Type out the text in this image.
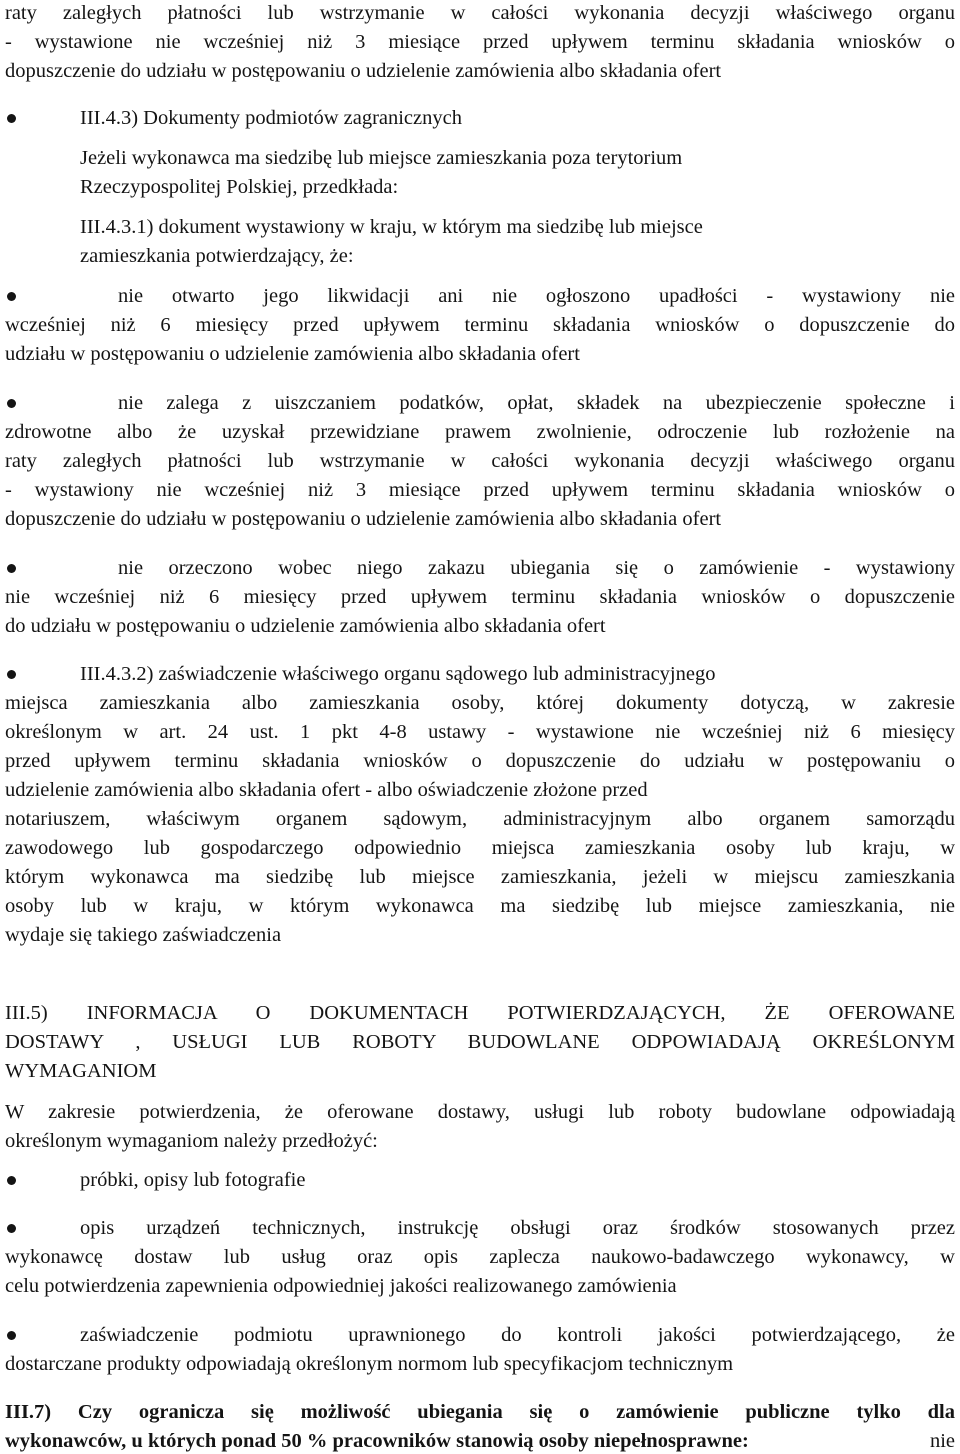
raty zaległych płatności lub wstrzymanie w całości wykonania decyzji właściwego organu
- wystawione nie wcześniej niż 3 miesiące przed upływem terminu składania wniosków o
dopuszczenie do udziału w postępowaniu o udzielenie zamówienia albo składania ofert
III.4.3) Dokumenty podmiotów zagranicznych
Jeżeli wykonawca ma siedzibę lub miejsce zamieszkania poza terytorium
Rzeczypospolitej Polskiej, przedkłada:
III.4.3.1) dokument wystawiony w kraju, w którym ma siedzibę lub miejsce
zamieszkania potwierdzający, że:
nie otwarto jego likwidacji ani nie ogłoszono upadłości - wystawiony nie
wcześniej niż 6 miesięcy przed upływem terminu składania wniosków o dopuszczenie do
udziału w postępowaniu o udzielenie zamówienia albo składania ofert
nie zalega z uiszczaniem podatków, opłat, składek na ubezpieczenie społeczne i
zdrowotne albo że uzyskał przewidziane prawem zwolnienie, odroczenie lub rozłożenie na
raty zaległych płatności lub wstrzymanie w całości wykonania decyzji właściwego organu
- wystawiony nie wcześniej niż 3 miesiące przed upływem terminu składania wniosków o
dopuszczenie do udziału w postępowaniu o udzielenie zamówienia albo składania ofert
nie orzeczono wobec niego zakazu ubiegania się o zamówienie - wystawiony
nie wcześniej niż 6 miesięcy przed upływem terminu składania wniosków o dopuszczenie
do udziału w postępowaniu o udzielenie zamówienia albo składania ofert
III.4.3.2) zaświadczenie właściwego organu sądowego lub administracyjnego
miejsca zamieszkania albo zamieszkania osoby, której dokumenty dotyczą, w zakresie
określonym w art. 24 ust. 1 pkt 4-8 ustawy - wystawione nie wcześniej niż 6 miesięcy
przed upływem terminu składania wniosków o dopuszczenie do udziału w postępowaniu o
udzielenie zamówienia albo składania ofert - albo oświadczenie złożone przed
notariuszem, właściwym organem sądowym, administracyjnym albo organem samorządu
zawodowego lub gospodarczego odpowiednio miejsca zamieszkania osoby lub kraju, w
którym wykonawca ma siedzibę lub miejsce zamieszkania, jeżeli w miejscu zamieszkania
osoby lub w kraju, w którym wykonawca ma siedzibę lub miejsce zamieszkania, nie
wydaje się takiego zaświadczenia
III.5) INFORMACJA O DOKUMENTACH POTWIERDZAJĄCYCH, ŻE OFEROWANE
DOSTAWY , USŁUGI LUB ROBOTY BUDOWLANE ODPOWIADAJĄ OKREŚLONYM
WYMAGANIOM
W zakresie potwierdzenia, że oferowane dostawy, usługi lub roboty budowlane odpowiadają
określonym wymaganiom należy przedłożyć:
próbki, opisy lub fotografie
opis urządzeń technicznych, instrukcję obsługi oraz środków stosowanych przez
wykonawcę dostaw lub usług oraz opis zaplecza naukowo-badawczego wykonawcy, w
celu potwierdzenia zapewnienia odpowiedniej jakości realizowanego zamówienia
zaświadczenie podmiotu uprawnionego do kontroli jakości potwierdzającego, że
dostarczane produkty odpowiadają określonym normom lub specyfikacjom technicznym
III.7) Czy ogranicza się możliwość ubiegania się o zamówienie publiczne tylko dla
wykonawców, u których ponad 50 % pracowników stanowią osoby niepełnosprawne:	nie
